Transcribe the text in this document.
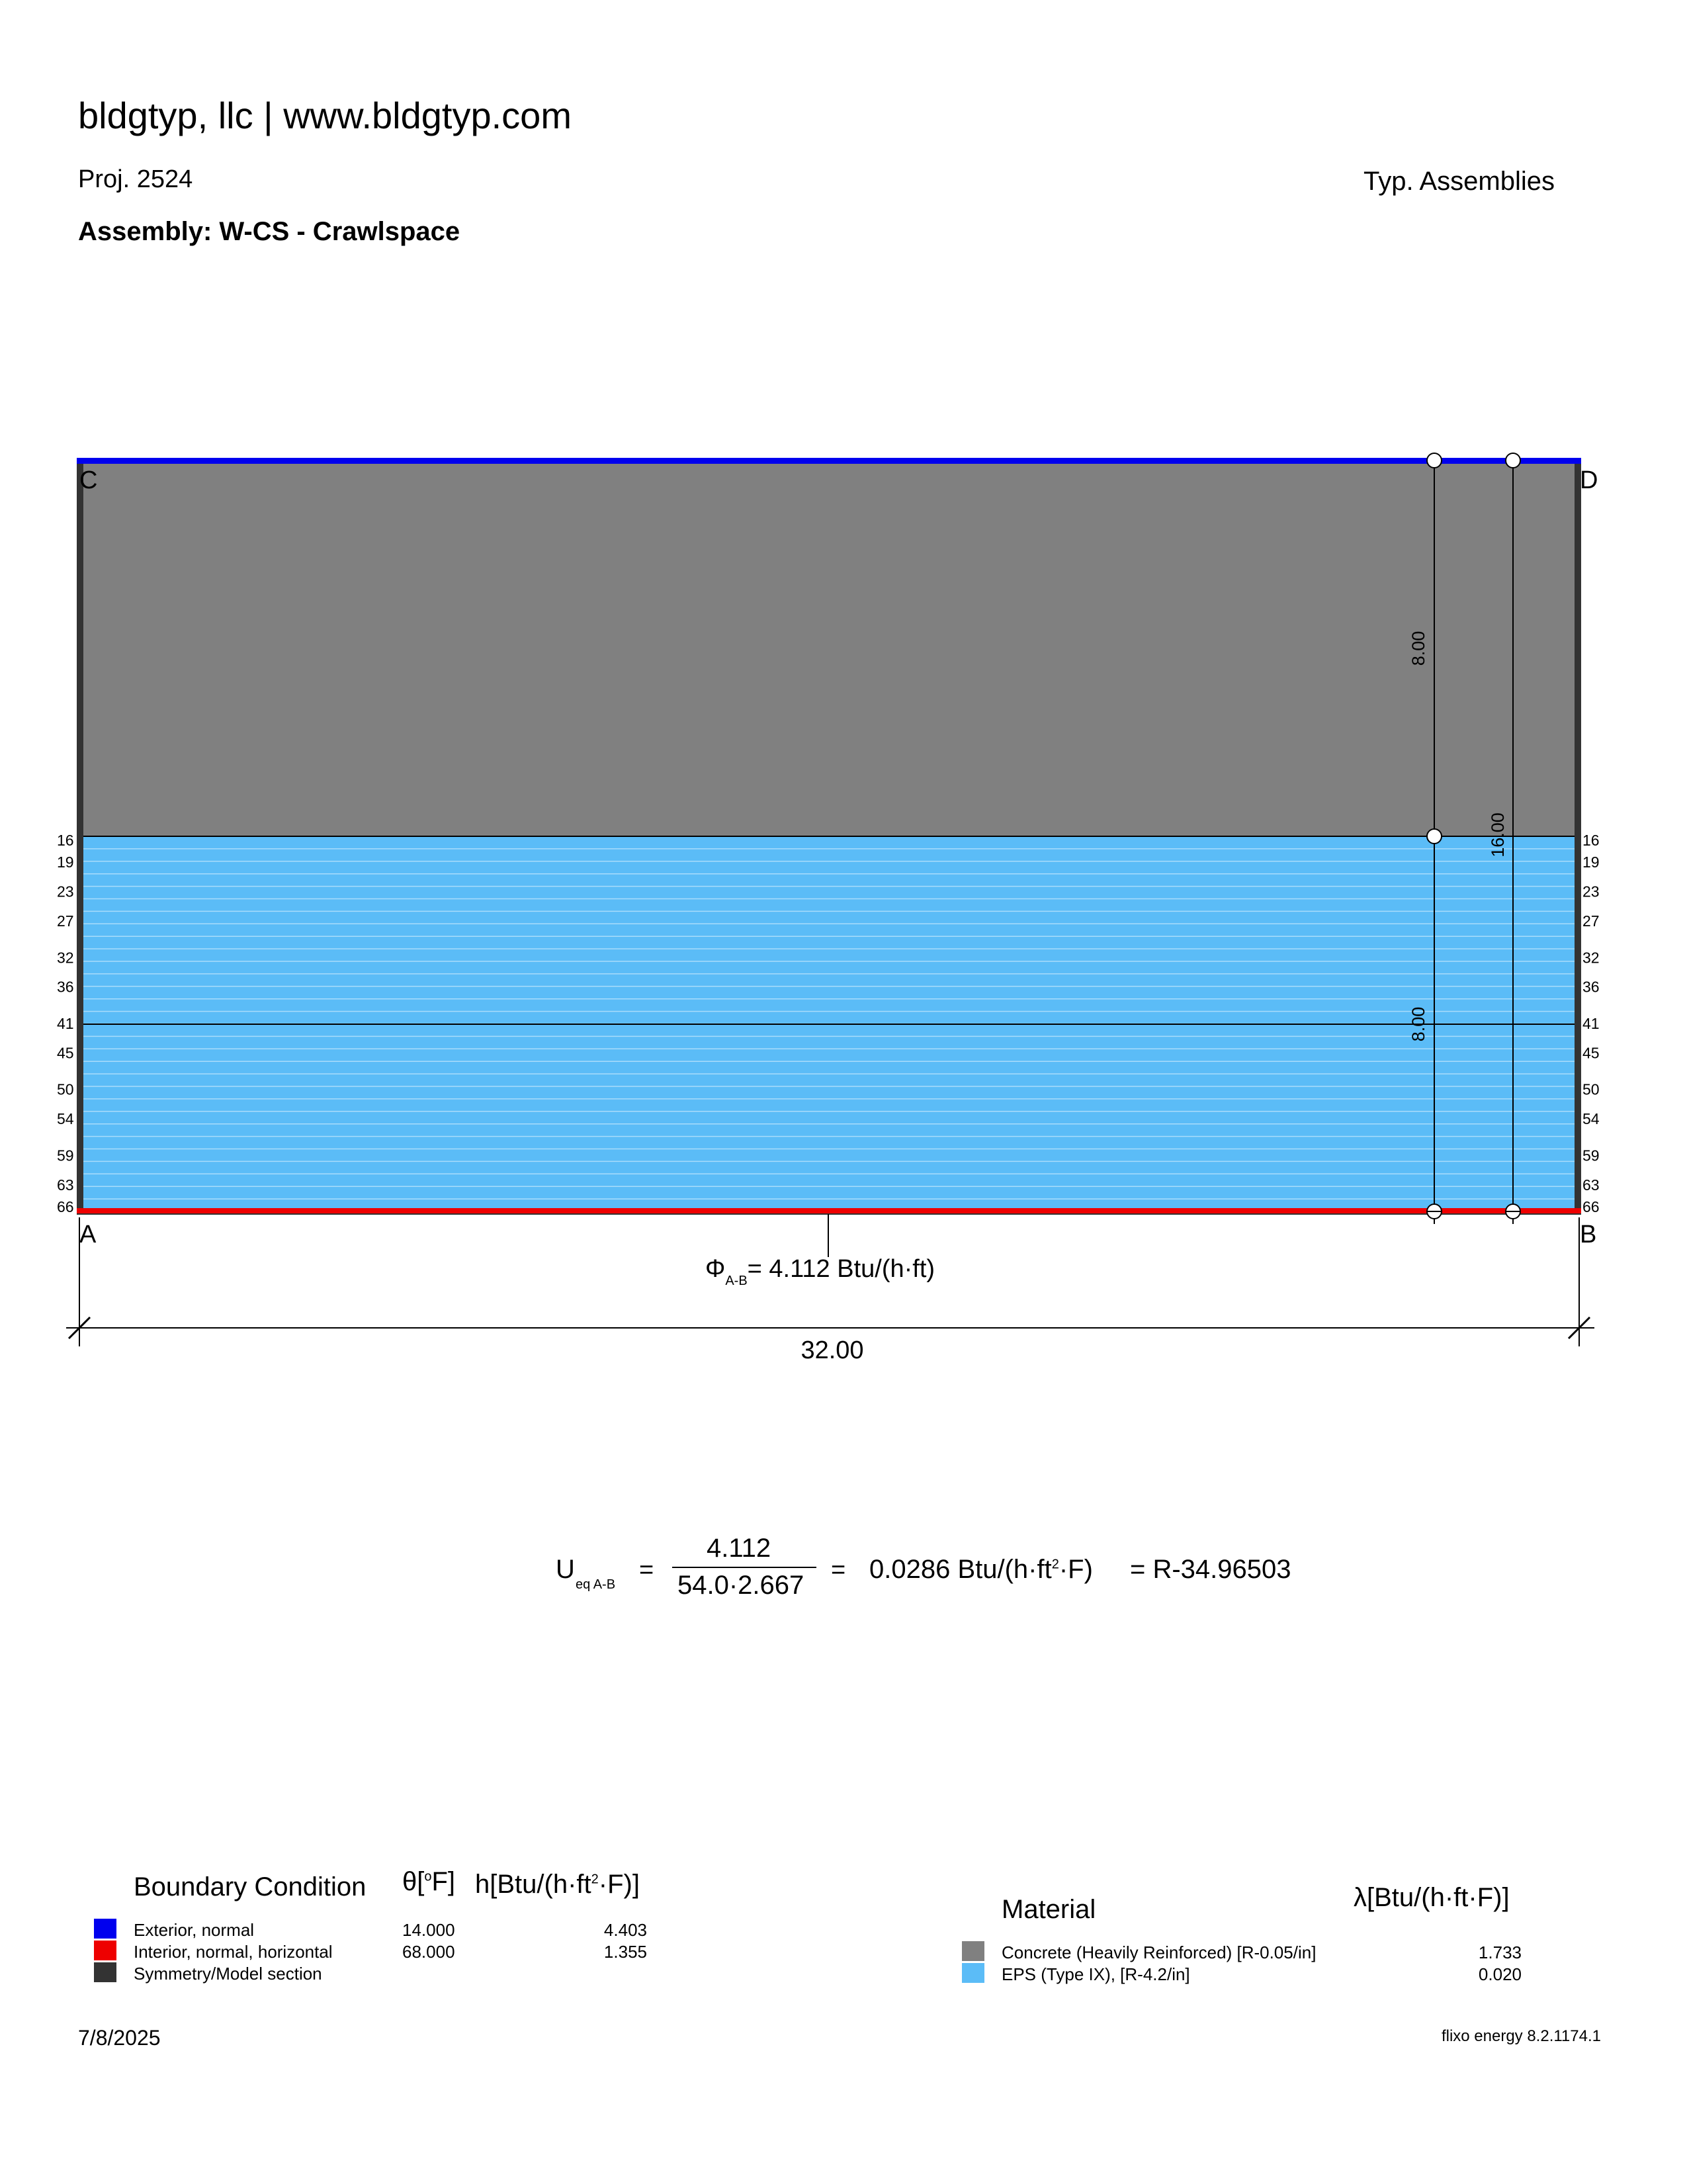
bldgtyp, llc | www.bldgtyp.com
Proj. 2524	Typ. Assemblies
Assembly: W-CS - Crawlspace
8.00
8.00
16.00
C	D
A	B
16
19
23
27
32
36
41
45
50
54
59
63
66
16
19
23
27
32
36
41
45
50
54
59
63
66
$\Phi_{A-B}= 4.112$ Btu/(h·ft)
32.00
U
eq A-B
=
4.112
54.0·2.667
= 0.0286 Btu/$(h\cdot ft^2\cdot F) = R-34.96503$
Boundary Condition θ[$^o$F] $h[Btu/(h\cdot ft^2\cdot F)]$
Exterior, normal	14.000	4.403
Interior, normal, horizontal	68.000	1.355
Symmetry/Model section
Material	λ[Btu/(h·ft·F)]
Concrete (Heavily Reinforced) [R-0.05/in]	1.733
EPS (Type IX), [R-4.2/in]	0.020
7/8/2025	flixo energy 8.2.1174.1
